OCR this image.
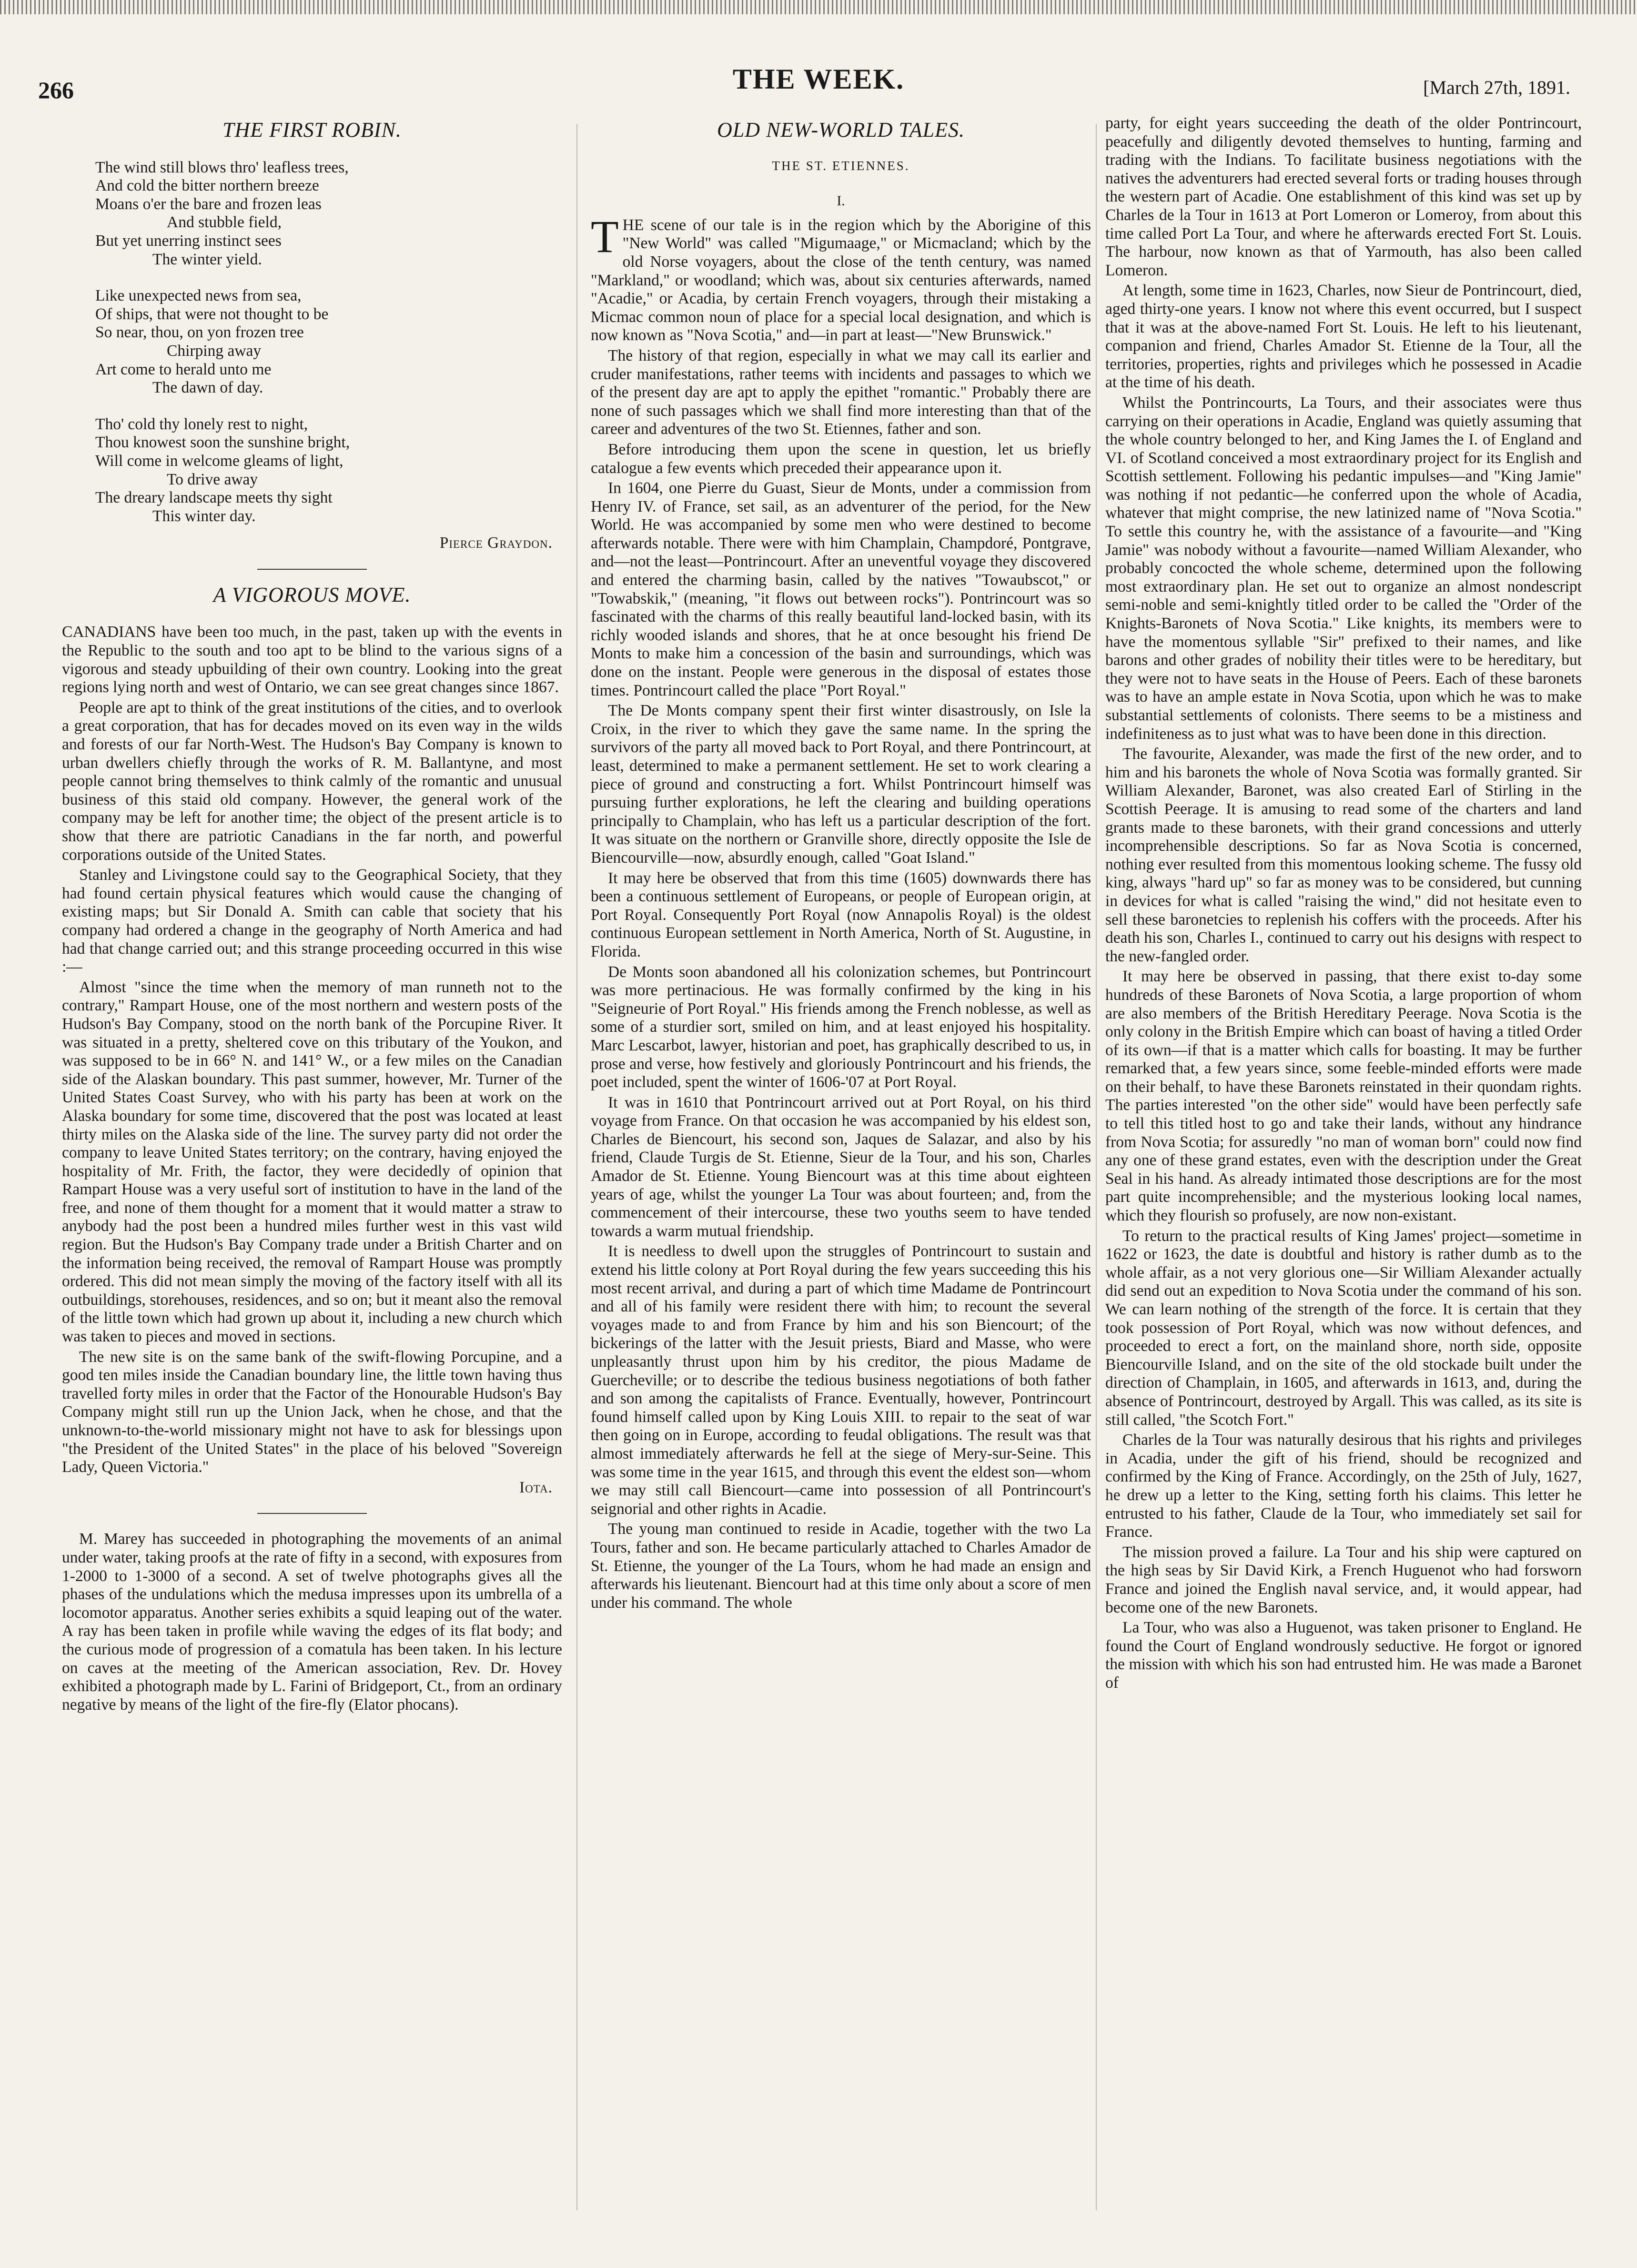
266	THE WEEK.	[March 27th, 1891.
THE FIRST ROBIN.
The wind still blows thro' leafless trees,
And cold the bitter northern breeze
Moans o'er the bare and frozen leas
And stubble field,
But yet unerring instinct sees
The winter yield.
Like unexpected news from sea,
Of ships, that were not thought to be
So near, thou, on yon frozen tree
Chirping away
Art come to herald unto me
The dawn of day.
Tho' cold thy lonely rest to night,
Thou knowest soon the sunshine bright,
Will come in welcome gleams of light,
To drive away
The dreary landscape meets thy sight
This winter day.
Pierce Graydon.
A VIGOROUS MOVE.

CANADIANS have been too much, in the past, taken up with the events in the Republic to the south and too apt to be blind to the various signs of a vigorous and steady upbuilding of their own country. Looking into the great regions lying north and west of Ontario, we can see great changes since 1867.

People are apt to think of the great institutions of the cities, and to overlook a great corporation, that has for decades moved on its even way in the wilds and forests of our far North-West. The Hudson's Bay Company is known to urban dwellers chiefly through the works of R. M. Ballantyne, and most people cannot bring themselves to think calmly of the romantic and unusual business of this staid old company. However, the general work of the company may be left for another time; the object of the present article is to show that there are patriotic Canadians in the far north, and powerful corporations outside of the United States.

Stanley and Livingstone could say to the Geographical Society, that they had found certain physical features which would cause the changing of existing maps; but Sir Donald A. Smith can cable that society that his company had ordered a change in the geography of North America and had had that change carried out; and this strange proceeding occurred in this wise :—

Almost "since the time when the memory of man runneth not to the contrary," Rampart House, one of the most northern and western posts of the Hudson's Bay Company, stood on the north bank of the Porcupine River. It was situated in a pretty, sheltered cove on this tributary of the Youkon, and was supposed to be in 66° N. and 141° W., or a few miles on the Canadian side of the Alaskan boundary. This past summer, however, Mr. Turner of the United States Coast Survey, who with his party has been at work on the Alaska boundary for some time, discovered that the post was located at least thirty miles on the Alaska side of the line. The survey party did not order the company to leave United States territory; on the contrary, having enjoyed the hospitality of Mr. Frith, the factor, they were decidedly of opinion that Rampart House was a very useful sort of institution to have in the land of the free, and none of them thought for a moment that it would matter a straw to anybody had the post been a hundred miles further west in this vast wild region. But the Hudson's Bay Company trade under a British Charter and on the information being received, the removal of Rampart House was promptly ordered. This did not mean simply the moving of the factory itself with all its outbuildings, storehouses, residences, and so on; but it meant also the removal of the little town which had grown up about it, including a new church which was taken to pieces and moved in sections.

The new site is on the same bank of the swift-flowing Porcupine, and a good ten miles inside the Canadian boundary line, the little town having thus travelled forty miles in order that the Factor of the Honourable Hudson's Bay Company might still run up the Union Jack, when he chose, and that the unknown-to-the-world missionary might not have to ask for blessings upon "the President of the United States" in the place of his beloved "Sovereign Lady, Queen Victoria."

Iota.

M. Marey has succeeded in photographing the movements of an animal under water, taking proofs at the rate of fifty in a second, with exposures from 1-2000 to 1-3000 of a second. A set of twelve photographs gives all the phases of the undulations which the medusa impresses upon its umbrella of a locomotor apparatus. Another series exhibits a squid leaping out of the water. A ray has been taken in profile while waving the edges of its flat body; and the curious mode of progression of a comatula has been taken. In his lecture on caves at the meeting of the American association, Rev. Dr. Hovey exhibited a photograph made by L. Farini of Bridgeport, Ct., from an ordinary negative by means of the light of the fire-fly (Elator phocans).

OLD NEW-WORLD TALES.
THE ST. ETIENNES.
I.

THE scene of our tale is in the region which by the Aborigine of this "New World" was called "Migumaage," or Micmacland; which by the old Norse voyagers, about the close of the tenth century, was named "Markland," or woodland; which was, about six centuries afterwards, named "Acadie," or Acadia, by certain French voyagers, through their mistaking a Micmac common noun of place for a special local designation, and which is now known as "Nova Scotia," and—in part at least—"New Brunswick."

The history of that region, especially in what we may call its earlier and cruder manifestations, rather teems with incidents and passages to which we of the present day are apt to apply the epithet "romantic." Probably there are none of such passages which we shall find more interesting than that of the career and adventures of the two St. Etiennes, father and son.

Before introducing them upon the scene in question, let us briefly catalogue a few events which preceded their appearance upon it.

In 1604, one Pierre du Guast, Sieur de Monts, under a commission from Henry IV. of France, set sail, as an adventurer of the period, for the New World. He was accompanied by some men who were destined to become afterwards notable. There were with him Champlain, Champdoré, Pontgrave, and—not the least—Pontrincourt. After an uneventful voyage they discovered and entered the charming basin, called by the natives "Towaubscot," or "Towabskik," (meaning, "it flows out between rocks"). Pontrincourt was so fascinated with the charms of this really beautiful land-locked basin, with its richly wooded islands and shores, that he at once besought his friend De Monts to make him a concession of the basin and surroundings, which was done on the instant. People were generous in the disposal of estates those times. Pontrincourt called the place "Port Royal."

The De Monts company spent their first winter disastrously, on Isle la Croix, in the river to which they gave the same name. In the spring the survivors of the party all moved back to Port Royal, and there Pontrincourt, at least, determined to make a permanent settlement. He set to work clearing a piece of ground and constructing a fort. Whilst Pontrincourt himself was pursuing further explorations, he left the clearing and building operations principally to Champlain, who has left us a particular description of the fort. It was situate on the northern or Granville shore, directly opposite the Isle de Biencourville—now, absurdly enough, called "Goat Island."

It may here be observed that from this time (1605) downwards there has been a continuous settlement of Europeans, or people of European origin, at Port Royal. Consequently Port Royal (now Annapolis Royal) is the oldest continuous European settlement in North America, North of St. Augustine, in Florida.

De Monts soon abandoned all his colonization schemes, but Pontrincourt was more pertinacious. He was formally confirmed by the king in his "Seigneurie of Port Royal." His friends among the French noblesse, as well as some of a sturdier sort, smiled on him, and at least enjoyed his hospitality. Marc Lescarbot, lawyer, historian and poet, has graphically described to us, in prose and verse, how festively and gloriously Pontrincourt and his friends, the poet included, spent the winter of 1606-'07 at Port Royal.

It was in 1610 that Pontrincourt arrived out at Port Royal, on his third voyage from France. On that occasion he was accompanied by his eldest son, Charles de Biencourt, his second son, Jaques de Salazar, and also by his friend, Claude Turgis de St. Etienne, Sieur de la Tour, and his son, Charles Amador de St. Etienne. Young Biencourt was at this time about eighteen years of age, whilst the younger La Tour was about fourteen; and, from the commencement of their intercourse, these two youths seem to have tended towards a warm mutual friendship.

It is needless to dwell upon the struggles of Pontrincourt to sustain and extend his little colony at Port Royal during the few years succeeding this his most recent arrival, and during a part of which time Madame de Pontrincourt and all of his family were resident there with him; to recount the several voyages made to and from France by him and his son Biencourt; of the bickerings of the latter with the Jesuit priests, Biard and Masse, who were unpleasantly thrust upon him by his creditor, the pious Madame de Guercheville; or to describe the tedious business negotiations of both father and son among the capitalists of France. Eventually, however, Pontrincourt found himself called upon by King Louis XIII. to repair to the seat of war then going on in Europe, according to feudal obligations. The result was that almost immediately afterwards he fell at the siege of Mery-sur-Seine. This was some time in the year 1615, and through this event the eldest son—whom we may still call Biencourt—came into possession of all Pontrincourt's seignorial and other rights in Acadie.

The young man continued to reside in Acadie, together with the two La Tours, father and son. He became particularly attached to Charles Amador de St. Etienne, the younger of the La Tours, whom he had made an ensign and afterwards his lieutenant. Biencourt had at this time only about a score of men under his command. The whole

party, for eight years succeeding the death of the older Pontrincourt, peacefully and diligently devoted themselves to hunting, farming and trading with the Indians. To facilitate business negotiations with the natives the adventurers had erected several forts or trading houses through the western part of Acadie. One establishment of this kind was set up by Charles de la Tour in 1613 at Port Lomeron or Lomeroy, from about this time called Port La Tour, and where he afterwards erected Fort St. Louis. The harbour, now known as that of Yarmouth, has also been called Lomeron.

At length, some time in 1623, Charles, now Sieur de Pontrincourt, died, aged thirty-one years. I know not where this event occurred, but I suspect that it was at the above-named Fort St. Louis. He left to his lieutenant, companion and friend, Charles Amador St. Etienne de la Tour, all the territories, properties, rights and privileges which he possessed in Acadie at the time of his death.

Whilst the Pontrincourts, La Tours, and their associates were thus carrying on their operations in Acadie, England was quietly assuming that the whole country belonged to her, and King James the I. of England and VI. of Scotland conceived a most extraordinary project for its English and Scottish settlement. Following his pedantic impulses—and "King Jamie" was nothing if not pedantic—he conferred upon the whole of Acadia, whatever that might comprise, the new latinized name of "Nova Scotia." To settle this country he, with the assistance of a favourite—and "King Jamie" was nobody without a favourite—named William Alexander, who probably concocted the whole scheme, determined upon the following most extraordinary plan. He set out to organize an almost nondescript semi-noble and semi-knightly titled order to be called the "Order of the Knights-Baronets of Nova Scotia." Like knights, its members were to have the momentous syllable "Sir" prefixed to their names, and like barons and other grades of nobility their titles were to be hereditary, but they were not to have seats in the House of Peers. Each of these baronets was to have an ample estate in Nova Scotia, upon which he was to make substantial settlements of colonists. There seems to be a mistiness and indefiniteness as to just what was to have been done in this direction.

The favourite, Alexander, was made the first of the new order, and to him and his baronets the whole of Nova Scotia was formally granted. Sir William Alexander, Baronet, was also created Earl of Stirling in the Scottish Peerage. It is amusing to read some of the charters and land grants made to these baronets, with their grand concessions and utterly incomprehensible descriptions. So far as Nova Scotia is concerned, nothing ever resulted from this momentous looking scheme. The fussy old king, always "hard up" so far as money was to be considered, but cunning in devices for what is called "raising the wind," did not hesitate even to sell these baronetcies to replenish his coffers with the proceeds. After his death his son, Charles I., continued to carry out his designs with respect to the new-fangled order.

It may here be observed in passing, that there exist to-day some hundreds of these Baronets of Nova Scotia, a large proportion of whom are also members of the British Hereditary Peerage. Nova Scotia is the only colony in the British Empire which can boast of having a titled Order of its own—if that is a matter which calls for boasting. It may be further remarked that, a few years since, some feeble-minded efforts were made on their behalf, to have these Baronets reinstated in their quondam rights. The parties interested "on the other side" would have been perfectly safe to tell this titled host to go and take their lands, without any hindrance from Nova Scotia; for assuredly "no man of woman born" could now find any one of these grand estates, even with the description under the Great Seal in his hand. As already intimated those descriptions are for the most part quite incomprehensible; and the mysterious looking local names, which they flourish so profusely, are now non-existant.

To return to the practical results of King James' project—sometime in 1622 or 1623, the date is doubtful and history is rather dumb as to the whole affair, as a not very glorious one—Sir William Alexander actually did send out an expedition to Nova Scotia under the command of his son. We can learn nothing of the strength of the force. It is certain that they took possession of Port Royal, which was now without defences, and proceeded to erect a fort, on the mainland shore, north side, opposite Biencourville Island, and on the site of the old stockade built under the direction of Champlain, in 1605, and afterwards in 1613, and, during the absence of Pontrincourt, destroyed by Argall. This was called, as its site is still called, "the Scotch Fort."

Charles de la Tour was naturally desirous that his rights and privileges in Acadia, under the gift of his friend, should be recognized and confirmed by the King of France. Accordingly, on the 25th of July, 1627, he drew up a letter to the King, setting forth his claims. This letter he entrusted to his father, Claude de la Tour, who immediately set sail for France.

The mission proved a failure. La Tour and his ship were captured on the high seas by Sir David Kirk, a French Huguenot who had forsworn France and joined the English naval service, and, it would appear, had become one of the new Baronets.

La Tour, who was also a Huguenot, was taken prisoner to England. He found the Court of England wondrously seductive. He forgot or ignored the mission with which his son had entrusted him. He was made a Baronet of
